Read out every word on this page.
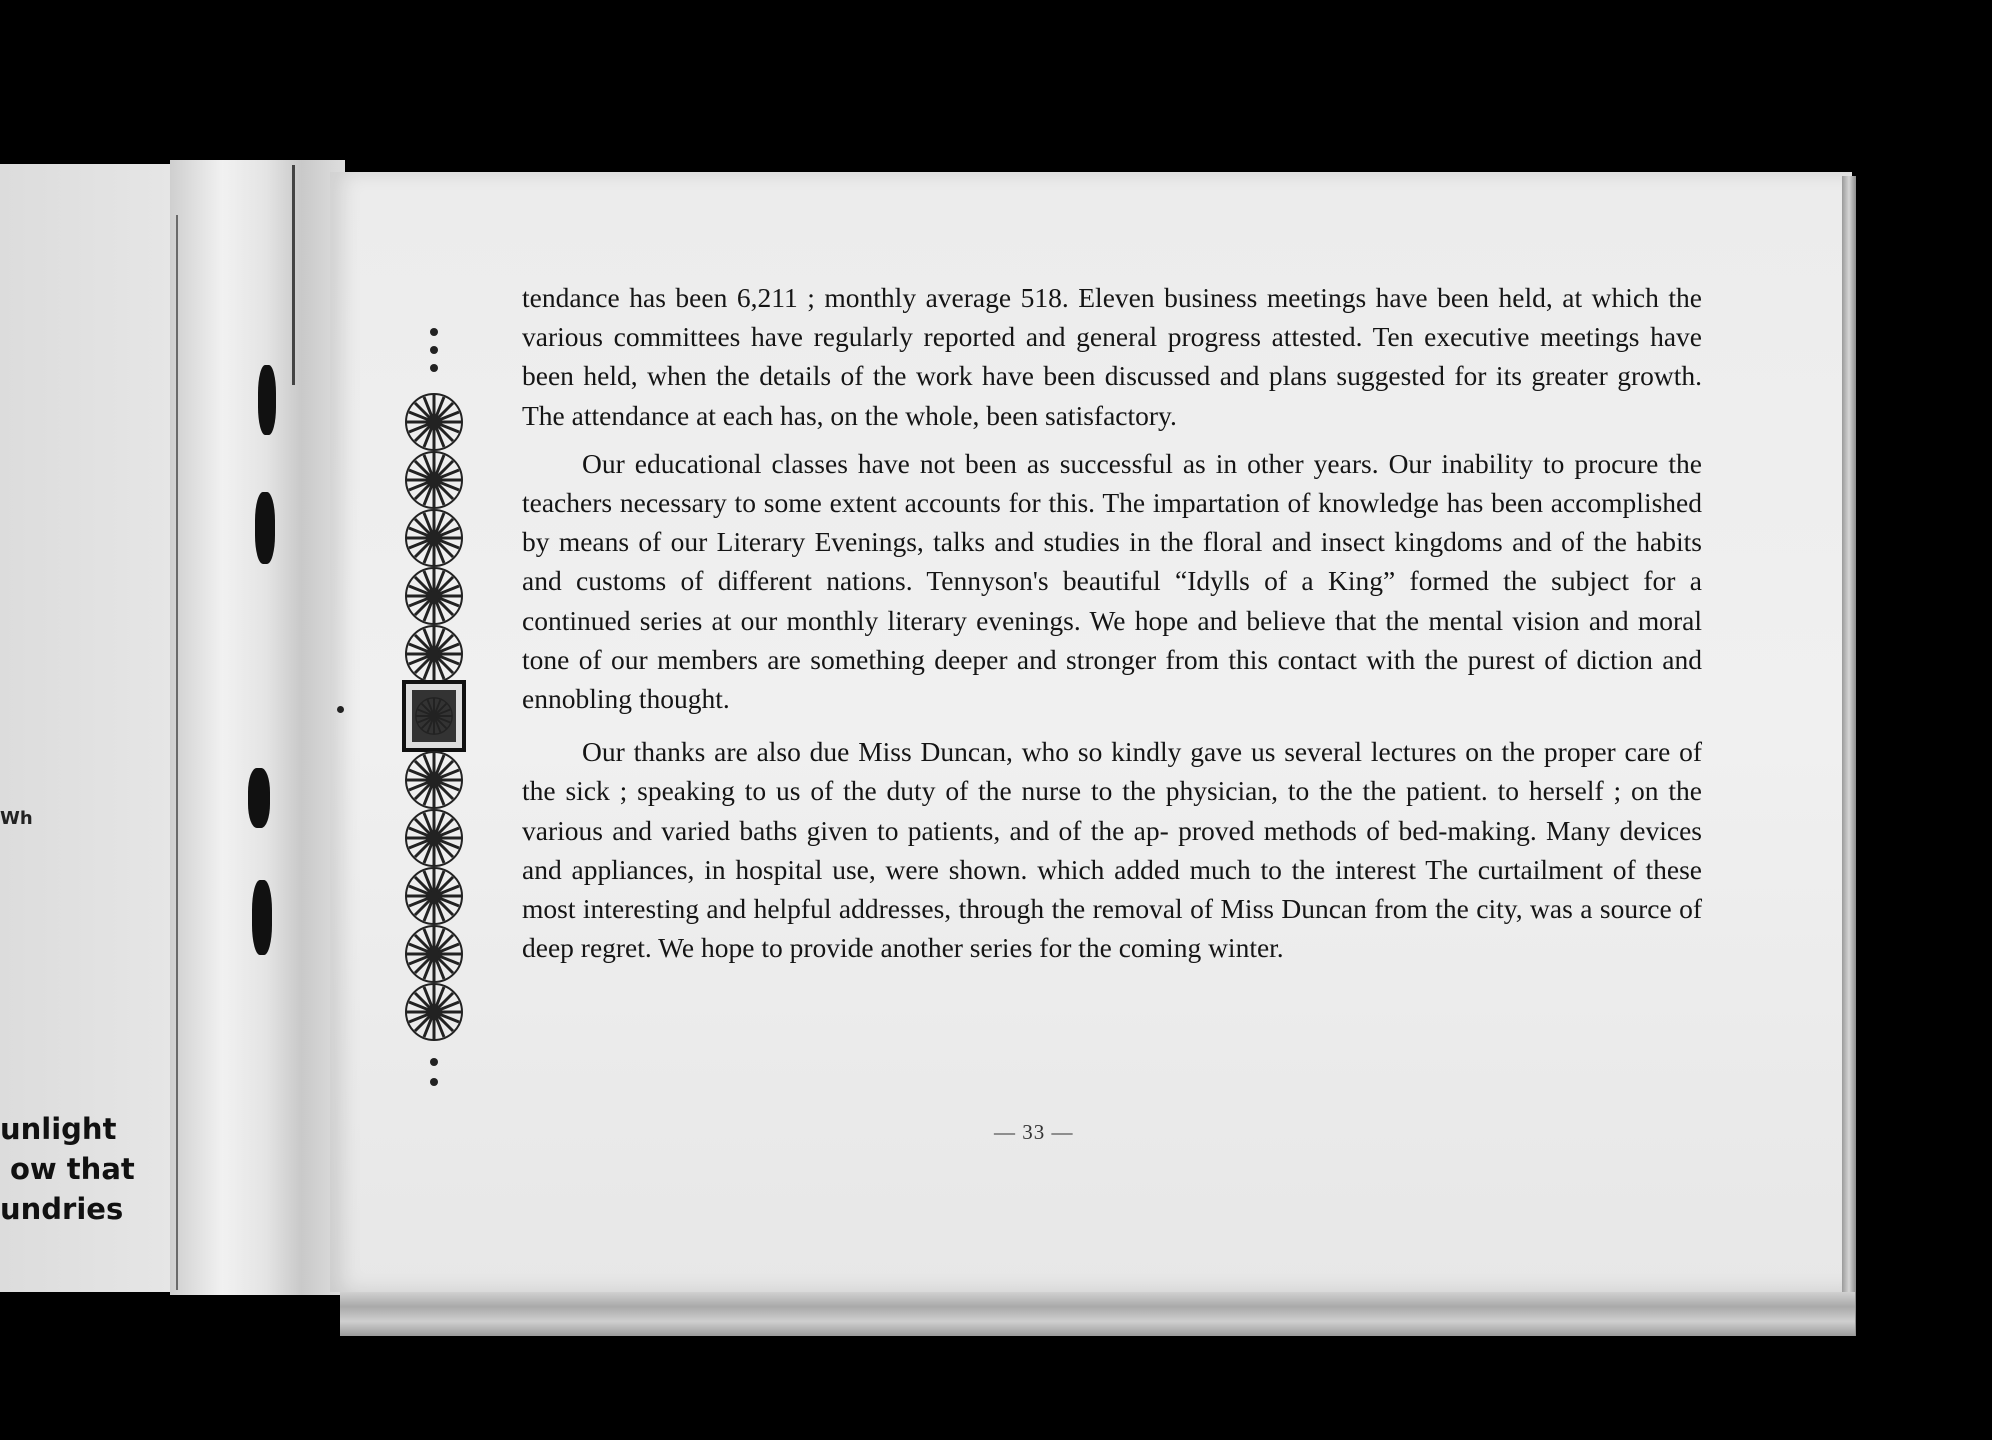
Wh
unlight
ow that
undries

tendance has been 6,211 ; monthly average 518. Eleven business meetings have been held, at which the various committees have regularly reported and general progress attested. Ten executive meetings have been held, when the details of the work have been discussed and plans suggested for its greater growth. The attendance at each has, on the whole, been satisfactory.

Our educational classes have not been as successful as in other years. Our inability to procure the teachers necessary to some extent accounts for this. The impartation of knowledge has been accomplished by means of our Literary Evenings, talks and studies in the floral and insect kingdoms and of the habits and customs of different nations. Tennyson's beautiful “Idylls of a King” formed the subject for a continued series at our monthly literary evenings. We hope and believe that the mental vision and moral tone of our members are something deeper and stronger from this contact with the purest of diction and ennobling thought.

Our thanks are also due Miss Duncan, who so kindly gave us several lectures on the proper care of the sick ; speaking to us of the duty of the nurse to the physician, to the the patient. to herself ; on the various and varied baths given to patients, and of the ap- proved methods of bed-making. Many devices and appliances, in hospital use, were shown. which added much to the interest The curtailment of these most interesting and helpful addresses, through the removal of Miss Duncan from the city, was a source of deep regret. We hope to provide another series for the coming winter.

— 33 —
